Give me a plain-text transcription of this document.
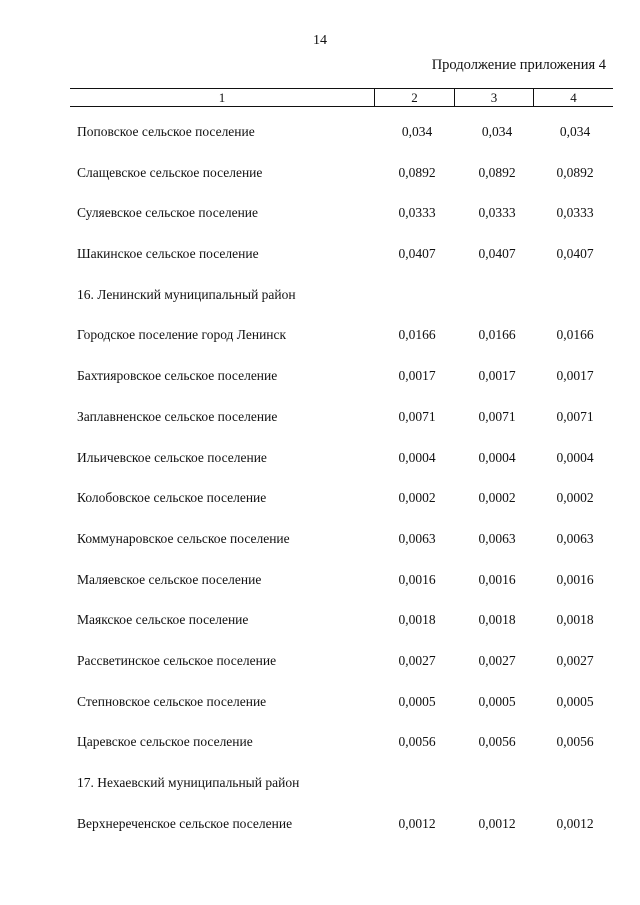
14
Продолжение приложения 4
1	2	3	4
Поповское сельское поселение	0,034	0,034	0,034
Слащевское сельское поселение	0,0892	0,0892	0,0892
Суляевское сельское поселение	0,0333	0,0333	0,0333
Шакинское сельское поселение	0,0407	0,0407	0,0407
16. Ленинский муниципальный район
Городское поселение город Ленинск	0,0166	0,0166	0,0166
Бахтияровское сельское поселение	0,0017	0,0017	0,0017
Заплавненское сельское поселение	0,0071	0,0071	0,0071
Ильичевское сельское поселение	0,0004	0,0004	0,0004
Колобовское сельское поселение	0,0002	0,0002	0,0002
Коммунаровское сельское поселение	0,0063	0,0063	0,0063
Маляевское сельское поселение	0,0016	0,0016	0,0016
Маякское сельское поселение	0,0018	0,0018	0,0018
Рассветинское сельское поселение	0,0027	0,0027	0,0027
Степновское сельское поселение	0,0005	0,0005	0,0005
Царевское сельское поселение	0,0056	0,0056	0,0056
17. Нехаевский муниципальный район
Верхнереченское сельское поселение	0,0012	0,0012	0,0012
